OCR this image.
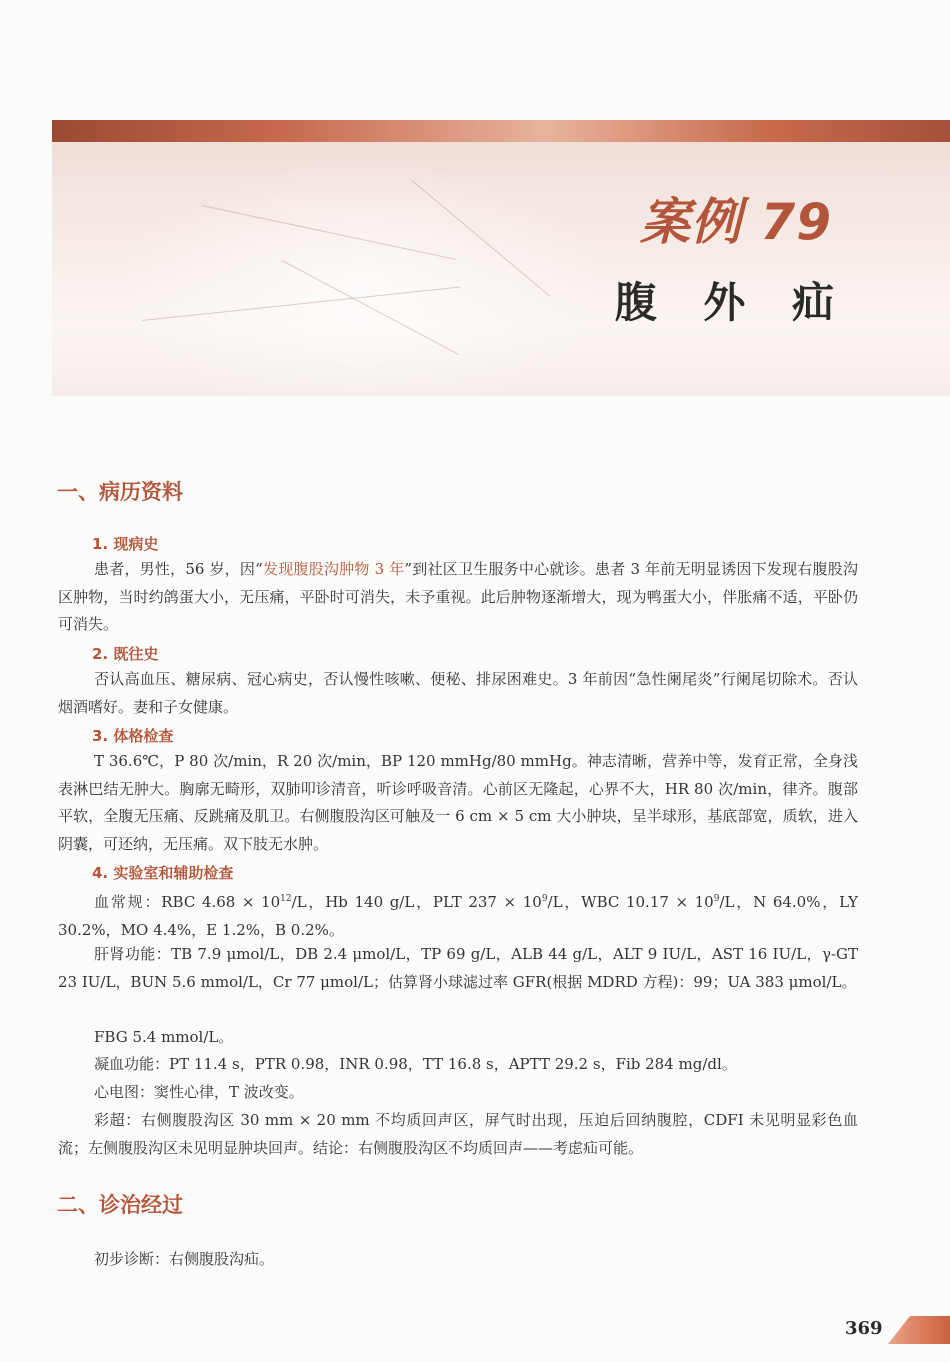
案例 79
腹 外 疝
一、病历资料
1. 现病史
患者，男性，56 岁，因“发现腹股沟肿物 3 年”到社区卫生服务中心就诊。患者 3 年前无明显诱因下发现右腹股沟区肿物，当时约鸽蛋大小，无压痛，平卧时可消失，未予重视。此后肿物逐渐增大，现为鸭蛋大小，伴胀痛不适，平卧仍可消失。
2. 既往史
否认高血压、糖尿病、冠心病史，否认慢性咳嗽、便秘、排尿困难史。3 年前因“急性阑尾炎”行阑尾切除术。否认烟酒嗜好。妻和子女健康。
3. 体格检查
T 36.6℃，P 80 次/min，R 20 次/min，BP 120 mmHg/80 mmHg。神志清晰，营养中等，发育正常，全身浅表淋巴结无肿大。胸廓无畸形，双肺叩诊清音，听诊呼吸音清。心前区无隆起，心界不大，HR 80 次/min，律齐。腹部平软，全腹无压痛、反跳痛及肌卫。右侧腹股沟区可触及一 6 cm × 5 cm 大小肿块，呈半球形，基底部宽，质软，进入阴囊，可还纳，无压痛。双下肢无水肿。
4. 实验室和辅助检查
血常规：RBC $4.68 \times 10^{12}/L$，Hb 140 g/L，PLT $237 \times 10^9/L$，WBC $10.17 \times 10^9/L$，N 64.0%，LY 30.2%，MO 4.4%，E 1.2%，B 0.2%。
肝肾功能：TB 7.9 μmol/L，DB 2.4 μmol/L，TP 69 g/L，ALB 44 g/L，ALT 9 IU/L，AST 16 IU/L，γ-GT 23 IU/L，BUN 5.6 mmol/L，Cr 77 μmol/L；估算肾小球滤过率 GFR(根据 MDRD 方程)：99；UA 383 μmol/L。
FBG 5.4 mmol/L。
凝血功能：PT 11.4 s，PTR 0.98，INR 0.98，TT 16.8 s，APTT 29.2 s，Fib 284 mg/dl。
心电图：窦性心律，T 波改变。
彩超：右侧腹股沟区 30 mm × 20 mm 不均质回声区，屏气时出现，压迫后回纳腹腔，CDFI 未见明显彩色血流；左侧腹股沟区未见明显肿块回声。结论：右侧腹股沟区不均质回声——考虑疝可能。
二、诊治经过
初步诊断：右侧腹股沟疝。
369
